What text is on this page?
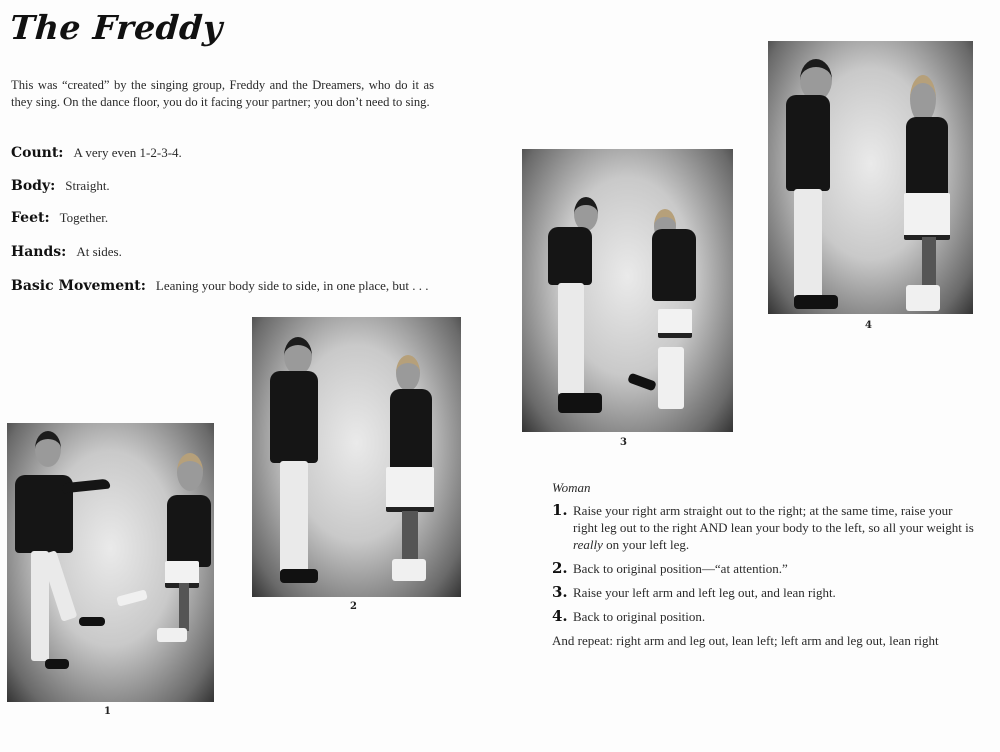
The Freddy
This was “created” by the singing group, Freddy and the Dreamers, who do it as they sing. On the dance floor, you do it facing your partner; you don’t need to sing.
Count: A very even 1-2-3-4.
Body: Straight.
Feet: Together.
Hands: At sides.
Basic Movement: Leaning your body side to side, in one place, but . . .
1
2
3
4
Woman
1. Raise your right arm straight out to the right; at the same time, raise your right leg out to the right AND lean your body to the left, so all your weight is really on your left leg.
2. Back to original position—“at attention.”
3. Raise your left arm and left leg out, and lean right.
4. Back to original position.
And repeat: right arm and leg out, lean left; left arm and leg out, lean right
